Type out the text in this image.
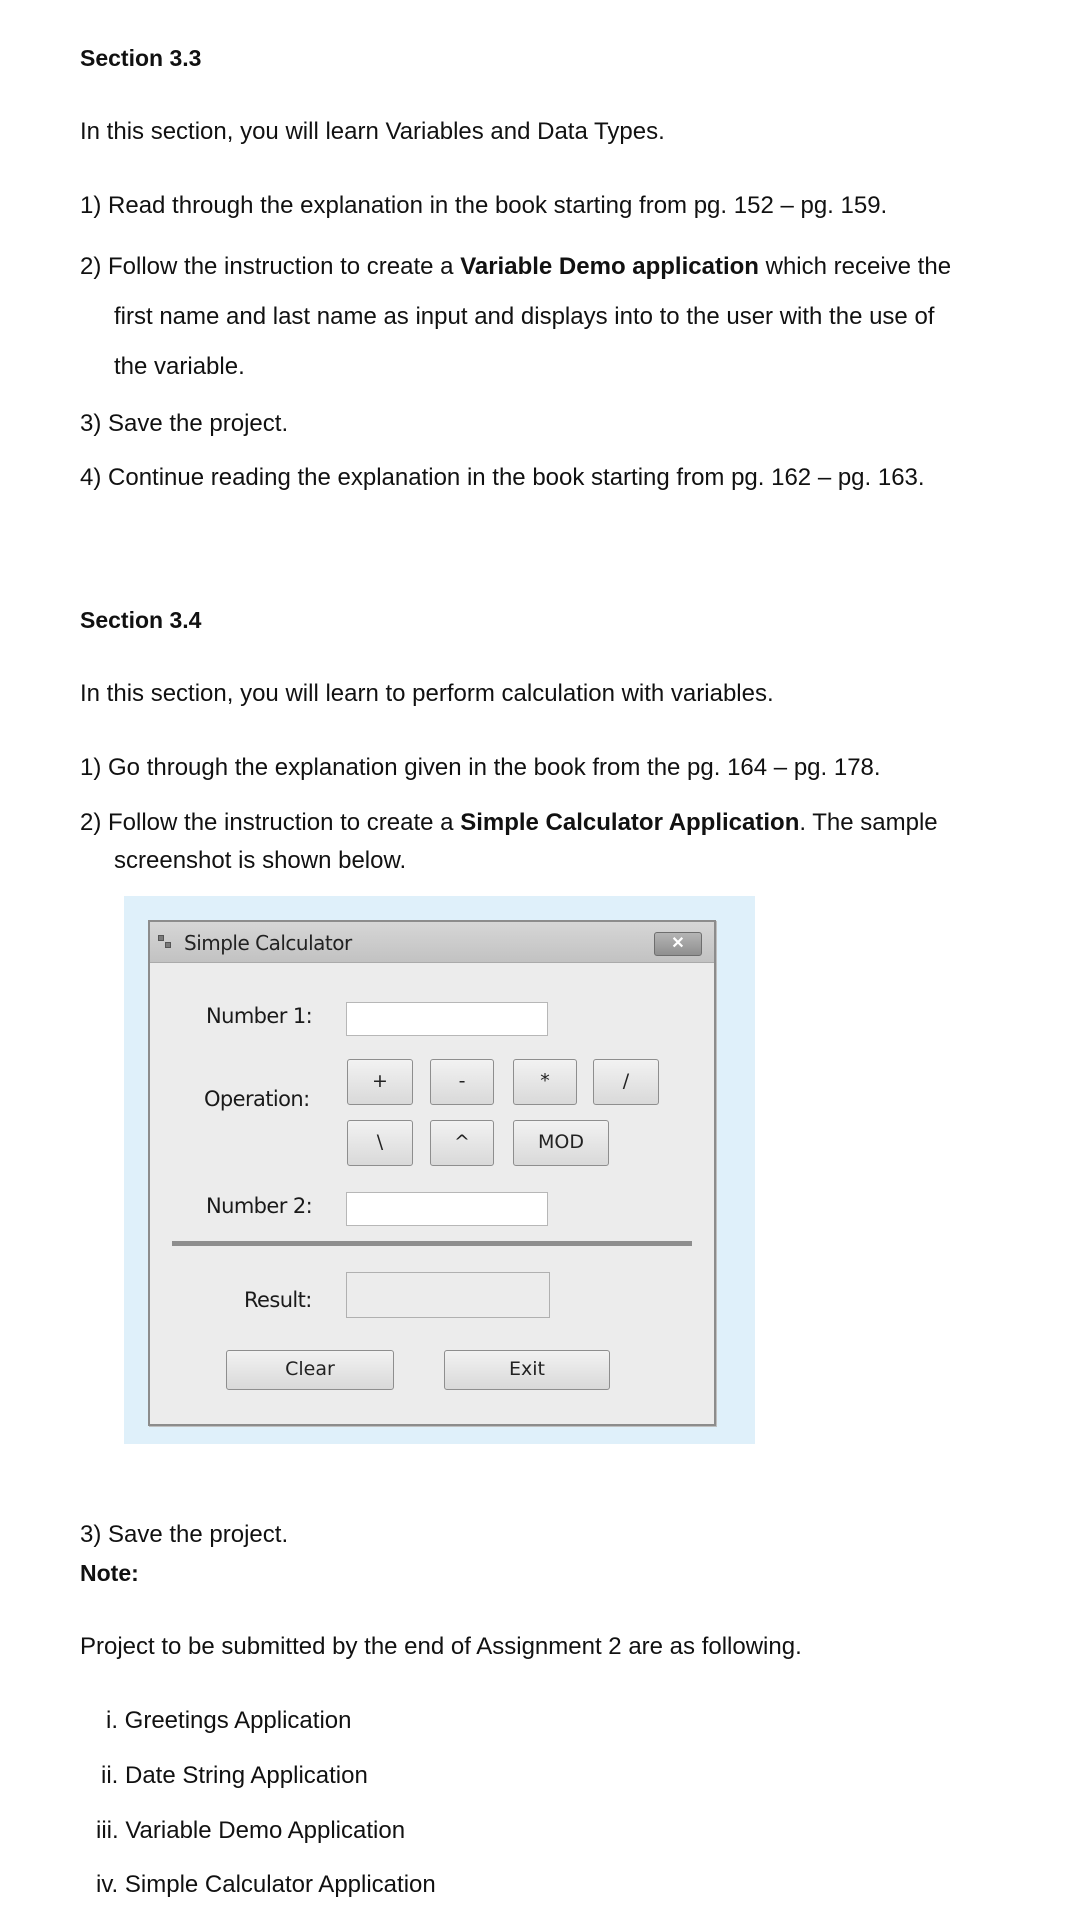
Section 3.3
In this section, you will learn Variables and Data Types.
1) Read through the explanation in the book starting from pg. 152 – pg. 159.
2) Follow the instruction to create a Variable Demo application which receive the
first name and last name as input and displays into to the user with the use of
the variable.
3) Save the project.
4) Continue reading the explanation in the book starting from pg. 162 – pg. 163.
Section 3.4
In this section, you will learn to perform calculation with variables.
1) Go through the explanation given in the book from the pg. 164 – pg. 178.
2) Follow the instruction to create a Simple Calculator Application. The sample
screenshot is shown below.
Simple Calculator	✕
Number 1:
Operation:
+	-	*	/
\	^	MOD
Number 2:
Result:
Clear	Exit
3) Save the project.
Note:
Project to be submitted by the end of Assignment 2 are as following.
i. Greetings Application
ii. Date String Application
iii. Variable Demo Application
iv. Simple Calculator Application
